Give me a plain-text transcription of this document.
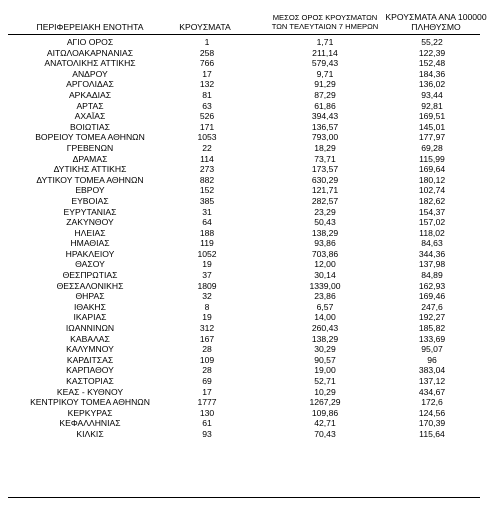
ΠΕΡΙΦΕΡΕΙΑΚΗ ΕΝΟΤΗΤΑ	ΚΡΟΥΣΜΑΤΑ
ΜΕΣΟΣ ΟΡΟΣ ΚΡΟΥΣΜΑΤΩΝ
ΤΩΝ ΤΕΛΕΥΤΑΙΩΝ 7 ΗΜΕΡΩΝ
ΚΡΟΥΣΜΑΤΑ ΑΝΑ 100000
ΠΛΗΘΥΣΜΟ
ΑΓΙΟ ΟΡΟΣ	1	1,71	55,22
ΑΙΤΩΛΟΑΚΑΡΝΑΝΙΑΣ	258	211,14	122,39
ΑΝΑΤΟΛΙΚΗΣ ΑΤΤΙΚΗΣ	766	579,43	152,48
ΑΝΔΡΟΥ	17	9,71	184,36
ΑΡΓΟΛΙΔΑΣ	132	91,29	136,02
ΑΡΚΑΔΙΑΣ	81	87,29	93,44
ΑΡΤΑΣ	63	61,86	92,81
ΑΧΑΪΑΣ	526	394,43	169,51
ΒΟΙΩΤΙΑΣ	171	136,57	145,01
ΒΟΡΕΙΟΥ ΤΟΜΕΑ ΑΘΗΝΩΝ	1053	793,00	177,97
ΓΡΕΒΕΝΩΝ	22	18,29	69,28
ΔΡΑΜΑΣ	114	73,71	115,99
ΔΥΤΙΚΗΣ ΑΤΤΙΚΗΣ	273	173,57	169,64
ΔΥΤΙΚΟΥ ΤΟΜΕΑ ΑΘΗΝΩΝ	882	630,29	180,12
ΕΒΡΟΥ	152	121,71	102,74
ΕΥΒΟΙΑΣ	385	282,57	182,62
ΕΥΡΥΤΑΝΙΑΣ	31	23,29	154,37
ΖΑΚΥΝΘΟΥ	64	50,43	157,02
ΗΛΕΙΑΣ	188	138,29	118,02
ΗΜΑΘΙΑΣ	119	93,86	84,63
ΗΡΑΚΛΕΙΟΥ	1052	703,86	344,36
ΘΑΣΟΥ	19	12,00	137,98
ΘΕΣΠΡΩΤΙΑΣ	37	30,14	84,89
ΘΕΣΣΑΛΟΝΙΚΗΣ	1809	1339,00	162,93
ΘΗΡΑΣ	32	23,86	169,46
ΙΘΑΚΗΣ	8	6,57	247,6
ΙΚΑΡΙΑΣ	19	14,00	192,27
ΙΩΑΝΝΙΝΩΝ	312	260,43	185,82
ΚΑΒΑΛΑΣ	167	138,29	133,69
ΚΑΛΥΜΝΟΥ	28	30,29	95,07
ΚΑΡΔΙΤΣΑΣ	109	90,57	96
ΚΑΡΠΑΘΟΥ	28	19,00	383,04
ΚΑΣΤΟΡΙΑΣ	69	52,71	137,12
ΚΕΑΣ - ΚΥΘΝΟΥ	17	10,29	434,67
ΚΕΝΤΡΙΚΟΥ ΤΟΜΕΑ ΑΘΗΝΩΝ	1777	1267,29	172,6
ΚΕΡΚΥΡΑΣ	130	109,86	124,56
ΚΕΦΑΛΛΗΝΙΑΣ	61	42,71	170,39
ΚΙΛΚΙΣ	93	70,43	115,64
